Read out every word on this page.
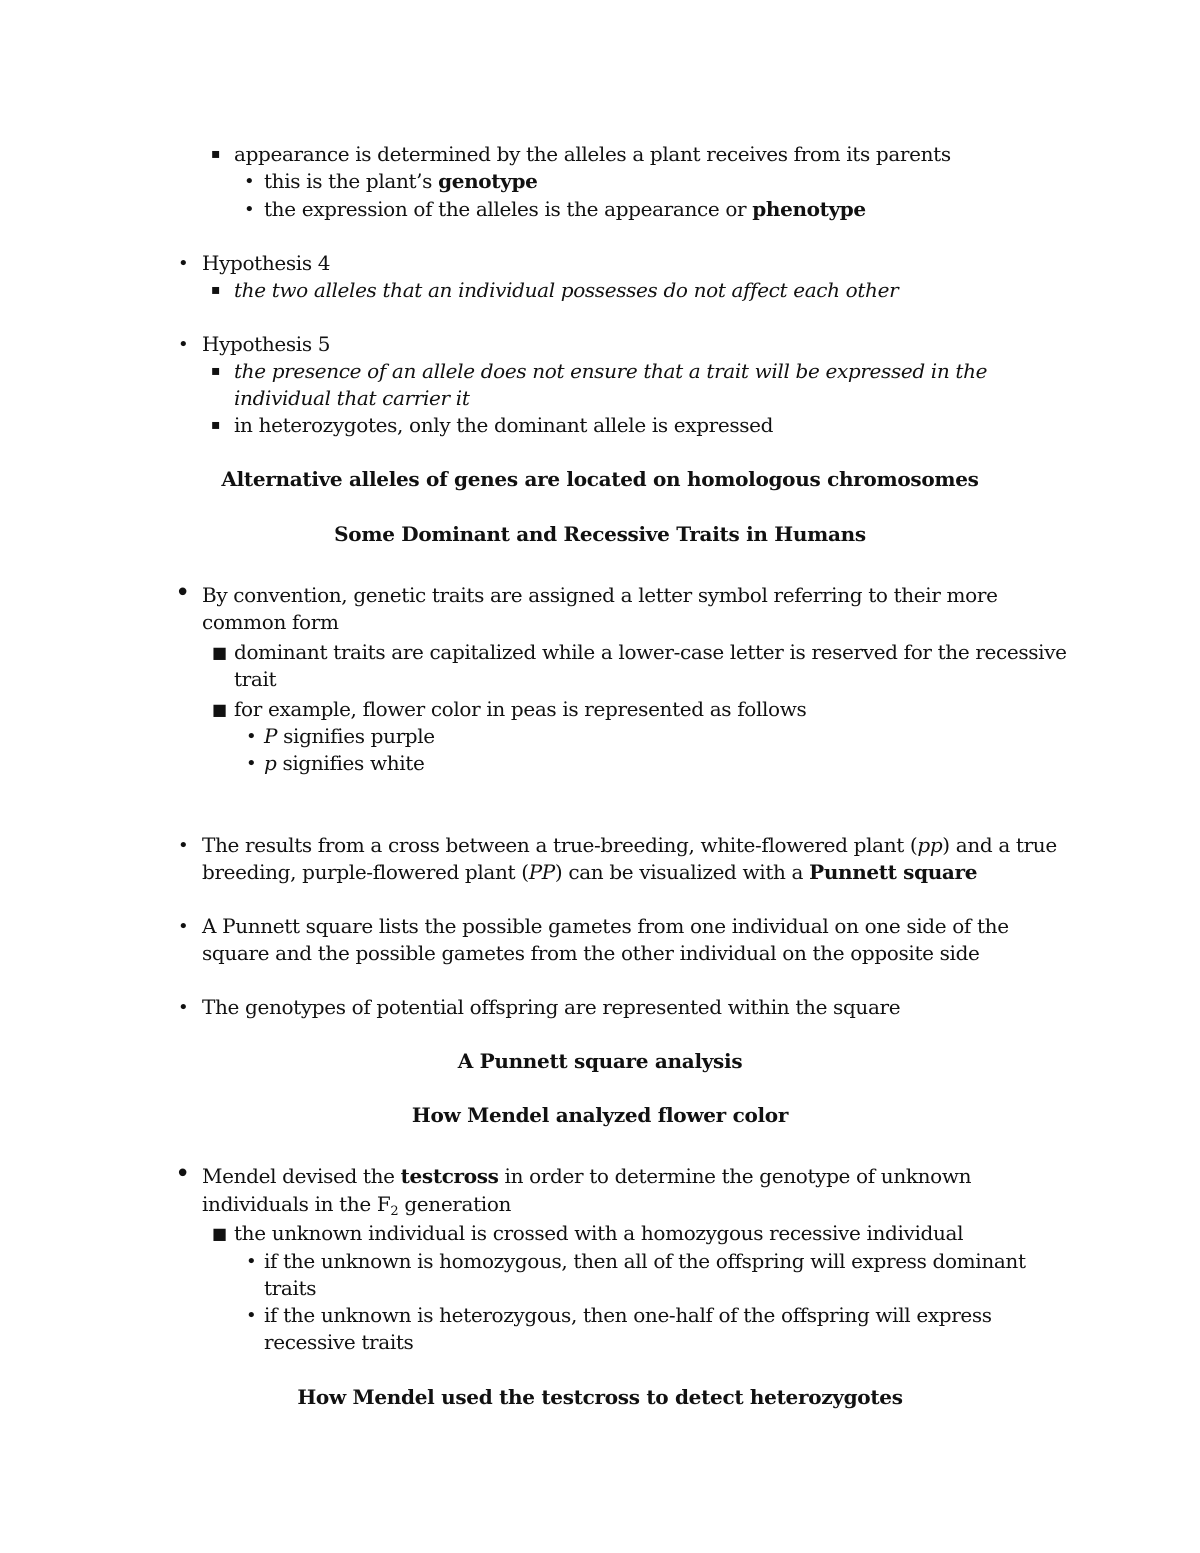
▪ appearance is determined by the alleles a plant receives from its parents
• this is the plant’s genotype
• the expression of the alleles is the appearance or phenotype
• Hypothesis 4
▪ the two alleles that an individual possesses do not affect each other
• Hypothesis 5
▪ the presence of an allele does not ensure that a trait will be expressed in the
individual that carrier it
▪ in heterozygotes, only the dominant allele is expressed
Alternative alleles of genes are located on homologous chromosomes
Some Dominant and Recessive Traits in Humans
• By convention, genetic traits are assigned a letter symbol referring to their more
common form
■ dominant traits are capitalized while a lower-case letter is reserved for the recessive
trait
■ for example, flower color in peas is represented as follows
• P signifies purple
• p signifies white
• The results from a cross between a true-breeding, white-flowered plant (pp) and a true
breeding, purple-flowered plant (PP) can be visualized with a Punnett square
• A Punnett square lists the possible gametes from one individual on one side of the
square and the possible gametes from the other individual on the opposite side
• The genotypes of potential offspring are represented within the square
A Punnett square analysis
How Mendel analyzed flower color
• Mendel devised the testcross in order to determine the genotype of unknown
individuals in the $F_2$ generation
■ the unknown individual is crossed with a homozygous recessive individual
• if the unknown is homozygous, then all of the offspring will express dominant
traits
• if the unknown is heterozygous, then one-half of the offspring will express
recessive traits
How Mendel used the testcross to detect heterozygotes
